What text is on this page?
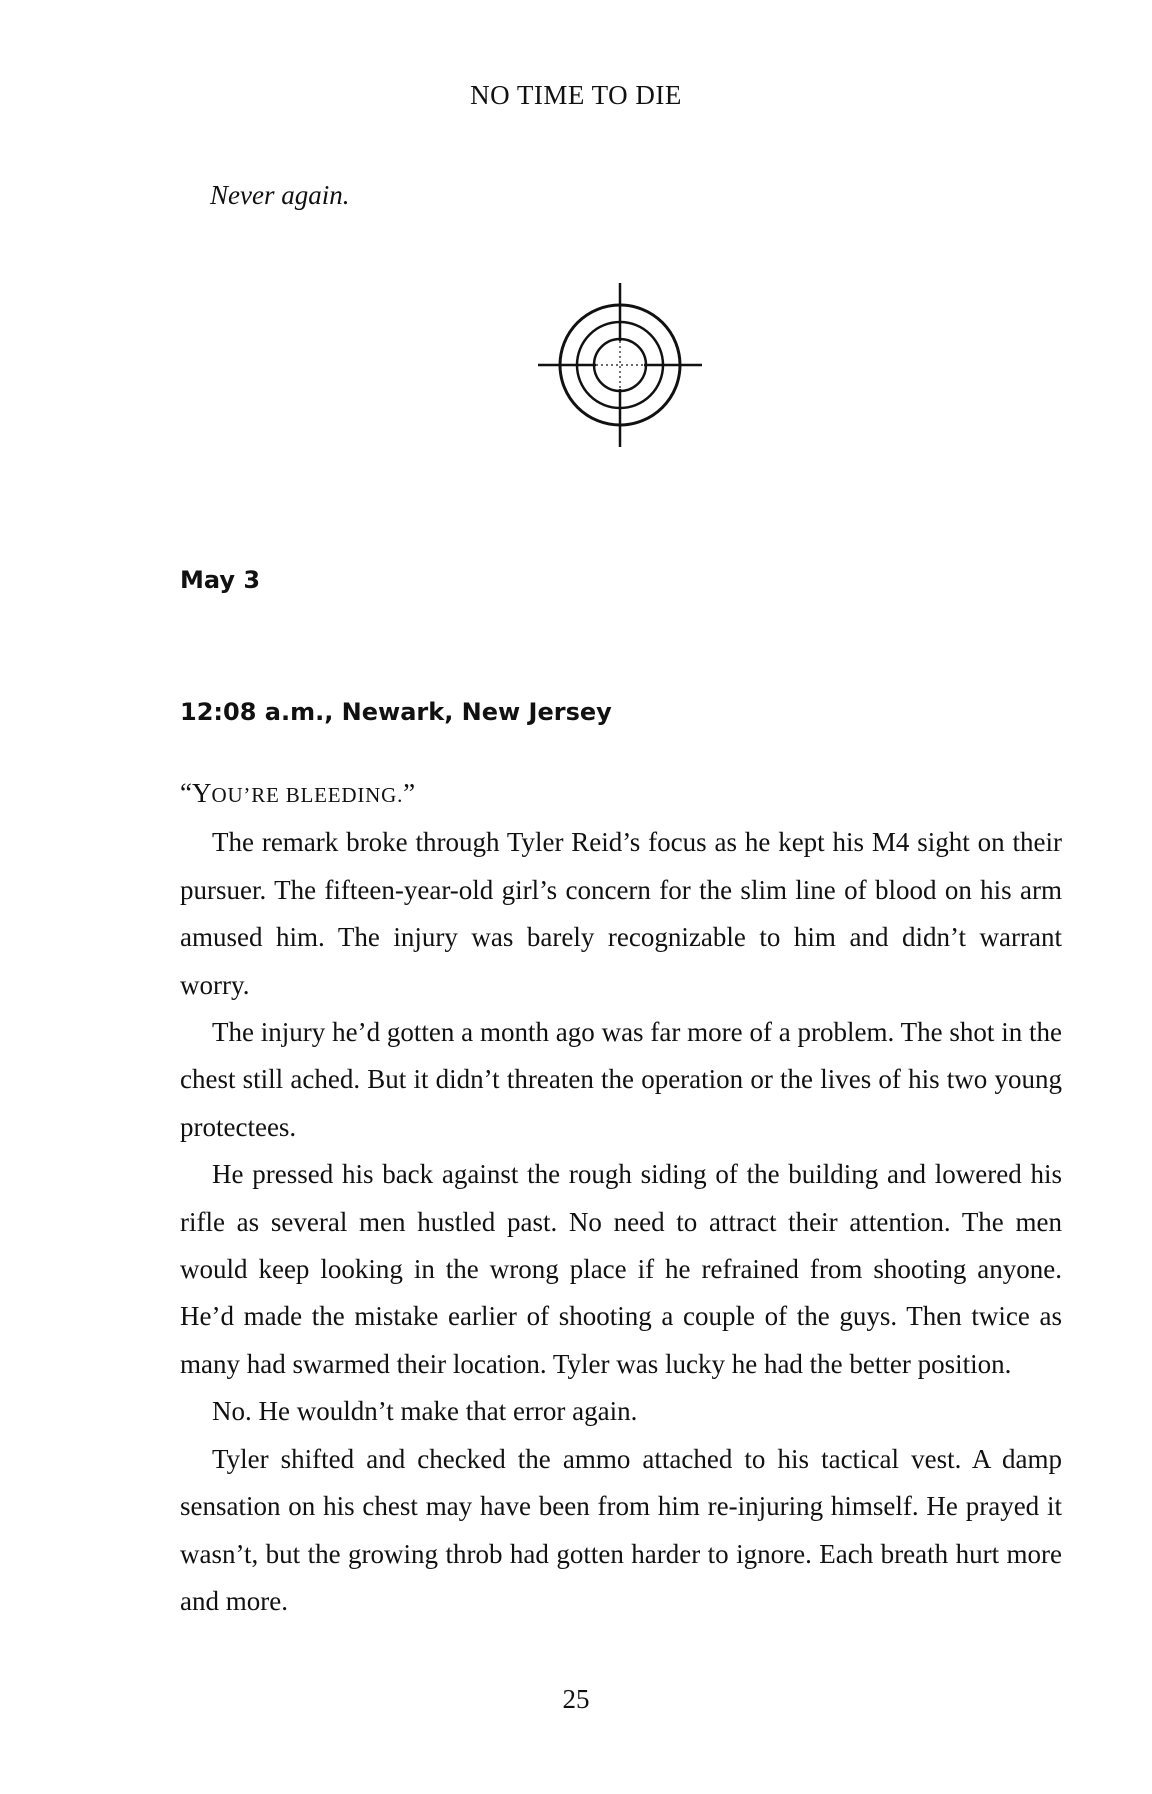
NO TIME TO DIE
Never again.
May 3
12:08 a.m., Newark, New Jersey

“YOU’RE BLEEDING.”

The remark broke through Tyler Reid’s focus as he kept his M4 sight on their pursuer. The fifteen-year-old girl’s concern for the slim line of blood on his arm amused him. The injury was barely recognizable to him and didn’t warrant worry.

The injury he’d gotten a month ago was far more of a problem. The shot in the chest still ached. But it didn’t threaten the operation or the lives of his two young protectees.

He pressed his back against the rough siding of the building and lowered his rifle as several men hustled past. No need to attract their attention. The men would keep looking in the wrong place if he refrained from shooting anyone. He’d made the mistake earlier of shooting a couple of the guys. Then twice as many had swarmed their location. Tyler was lucky he had the better position.

No. He wouldn’t make that error again.

Tyler shifted and checked the ammo attached to his tactical vest. A damp sensation on his chest may have been from him re-injuring himself. He prayed it wasn’t, but the growing throb had gotten harder to ignore. Each breath hurt more and more.

25
